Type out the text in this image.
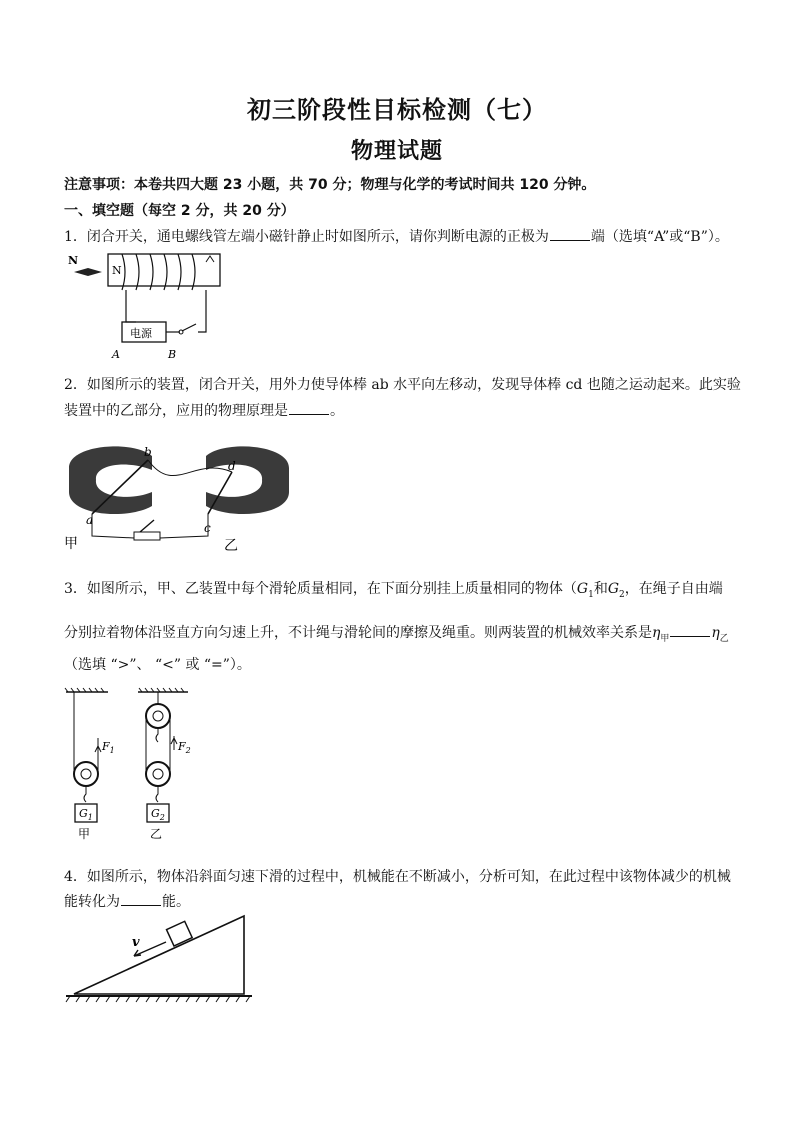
初三阶段性目标检测（七）
物理试题
注意事项：本卷共四大题 23 小题，共 70 分；物理与化学的考试时间共 120 分钟。
一、填空题（每空 2 分，共 20 分）
1．闭合开关，通电螺线管左端小磁针静止时如图所示，请你判断电源的正极为	端（选填“A”或“B”）。
N
N
电源
A	B
2．如图所示的装置，闭合开关，用外力使导体棒 ab 水平向左移动，发现导体棒 cd 也随之运动起来。此实验
装置中的乙部分，应用的物理原理是	。
a
b
c
d
甲	乙
3．如图所示，甲、乙装置中每个滑轮质量相同，在下面分别挂上质量相同的物体（$G_1$和$G_2$，在绳子自由端
分别拉着物体沿竖直方向匀速上升，不计绳与滑轮间的摩擦及绳重。则两装置的机械效率关系是$\eta_甲$	$\eta_乙$
（选填 “>”、 “<” 或 “=”）。
$G_1$
$F_1$
甲
$G_2$
$F_2$
乙
4．如图所示，物体沿斜面匀速下滑的过程中，机械能在不断减小，分析可知，在此过程中该物体减少的机械
能转化为	能。
v
